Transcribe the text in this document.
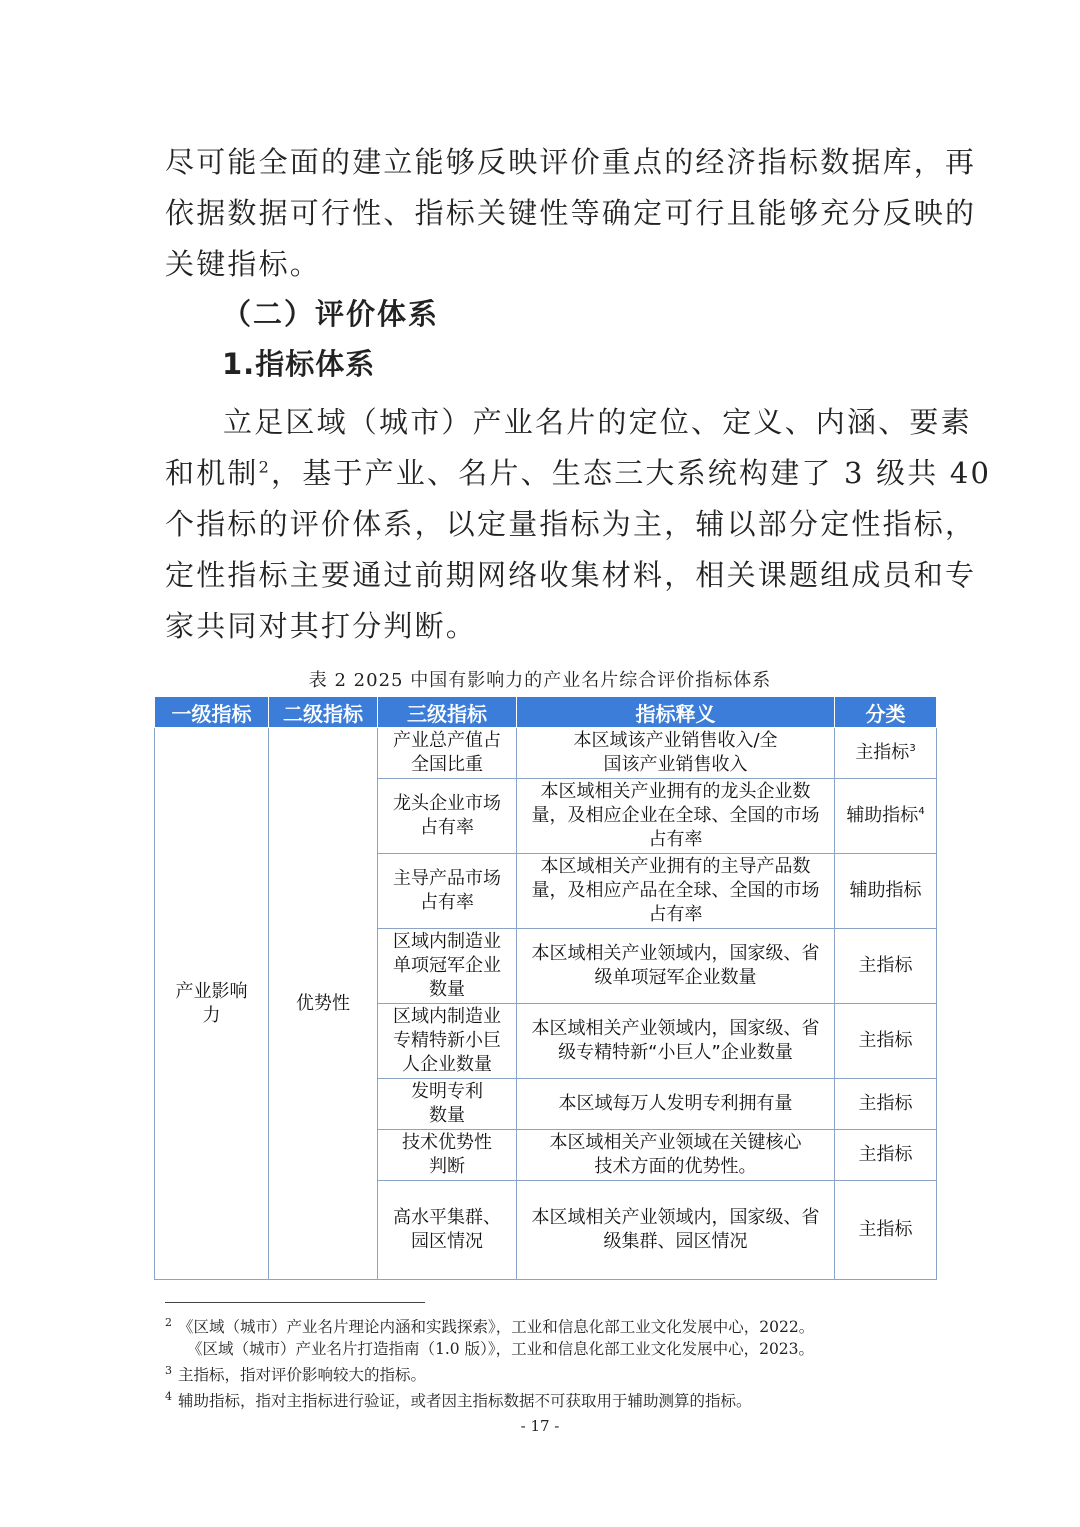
尽可能全面的建立能够反映评价重点的经济指标数据库，再
依据数据可行性、指标关键性等确定可行且能够充分反映的
关键指标。

（二）评价体系
1.指标体系

立足区域（城市）产业名片的定位、定义、内涵、要素
和机制$^2$，基于产业、名片、生态三大系统构建了 3 级共 40
个指标的评价体系，以定量指标为主，辅以部分定性指标，
定性指标主要通过前期网络收集材料，相关课题组成员和专
家共同对其打分判断。

表 2 2025 中国有影响力的产业名片综合评价指标体系
一级指标	二级指标	三级指标	指标释义	分类
产业影响力	优势性	产业总产值占全国比重	本区域该产业销售收入/全国该产业销售收入	主指标$^3$
		龙头企业市场占有率	本区域相关产业拥有的龙头企业数量，及相应企业在全球、全国的市场占有率	辅助指标$^4$
		主导产品市场占有率	本区域相关产业拥有的主导产品数量，及相应产品在全球、全国的市场占有率	辅助指标
		区域内制造业单项冠军企业数量	本区域相关产业领域内，国家级、省级单项冠军企业数量	主指标
		区域内制造业专精特新小巨人企业数量	本区域相关产业领域内，国家级、省级专精特新“小巨人”企业数量	主指标
		发明专利数量	本区域每万人发明专利拥有量	主指标
		技术优势性判断	本区域相关产业领域在关键核心技术方面的优势性。	主指标
		高水平集群、园区情况	本区域相关产业领域内，国家级、省级集群、园区情况	主指标
$^2$ 《区域（城市）产业名片理论内涵和实践探索》，工业和信息化部工业文化发展中心，2022。
《区域（城市）产业名片打造指南（1.0 版）》，工业和信息化部工业文化发展中心，2023。
$^3$ 主指标，指对评价影响较大的指标。
$^4$ 辅助指标，指对主指标进行验证，或者因主指标数据不可获取用于辅助测算的指标。
- 17 -
